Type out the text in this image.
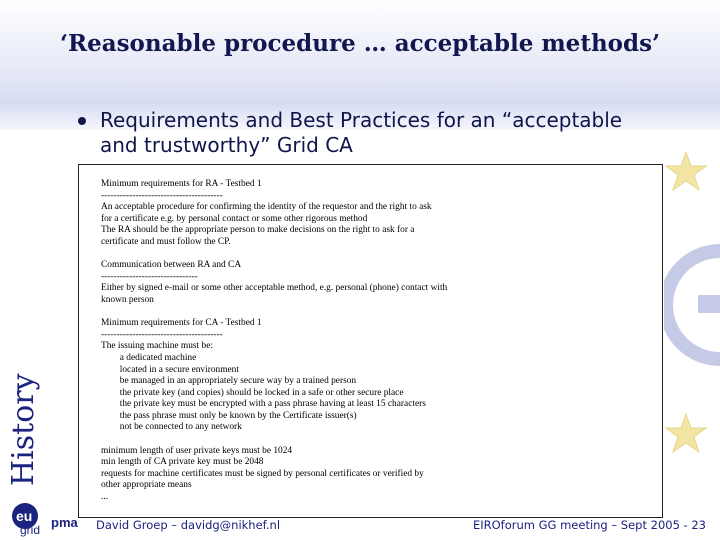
‘Reasonable procedure … acceptable methods’
Requirements and Best Practices for an “acceptable and trustworthy” Grid CA
History
Minimum requirements for RA - Testbed 1
---------------------------------------
An acceptable procedure for confirming the identity of the requestor and the right to ask
for a certificate e.g. by personal contact or some other rigorous method
The RA should be the appropriate person to make decisions on the right to ask for a
certificate and must follow the CP.

Communication between RA and CA
-------------------------------
Either by signed e-mail or some other acceptable method, e.g. personal (phone) contact with
known person

Minimum requirements for CA - Testbed 1
---------------------------------------
The issuing machine must be:
a dedicated machine
located in a secure environment
be managed in an appropriately secure way by a trained person
the private key (and copies) should be locked in a safe or other secure place
the private key must be encrypted with a pass phrase having at least 15 characters
the pass phrase must only be known by the Certificate issuer(s)
not be connected to any network

minimum length of user private keys must be 1024
min length of CA private key must be 2048
requests for machine certificates must be signed by personal certificates or verified by
other appropriate means
...
eu
grid pma David Groep – davidg@nikhef.nl	EIROforum GG meeting – Sept 2005 - 23
